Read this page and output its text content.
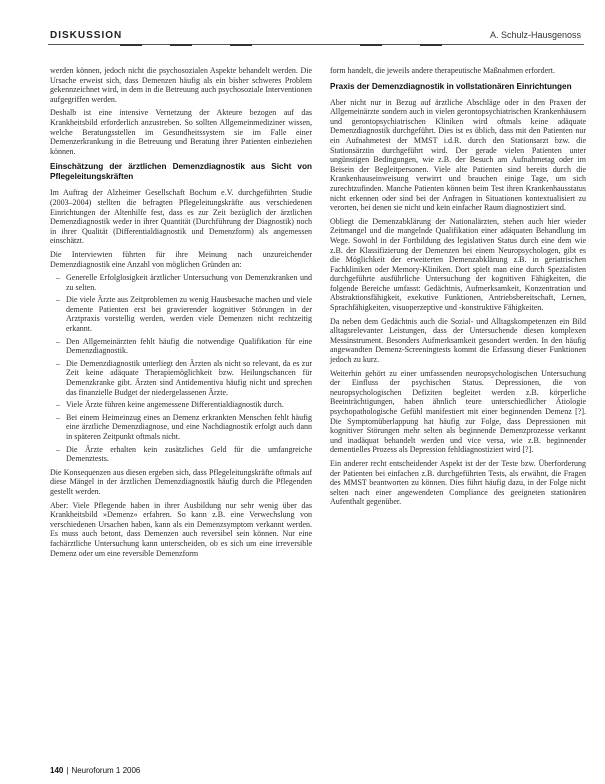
DISKUSSION	A. Schulz-Hausgenoss

werden können, jedoch nicht die psychosozialen Aspekte behandelt werden. Die Ursache erweist sich, dass Demenzen häufig als ein bisher schweres Problem gekennzeichnet wird, in dem in die Betreuung auch psychosoziale Interventionen aufgegriffen werden.

Deshalb ist eine intensive Vernetzung der Akteure bezogen auf das Krankheitsbild erforderlich anzustreben. So sollten Allgemeinmediziner wissen, welche Beratungsstellen im Gesundheitssystem sie im Falle einer Demenzerkrankung in die Betreuung und Beratung ihrer Patienten einbeziehen können.

Einschätzung der ärztlichen Demenzdiagnostik aus Sicht von Pflegeleitungskräften

Im Auftrag der Alzheimer Gesellschaft Bochum e.V. durchgeführten Studie (2003–2004) stellten die befragten Pflegeleitungskräfte aus verschiedenen Einrichtungen der Altenhilfe fest, dass es zur Zeit bezüglich der ärztlichen Demenzdiagnostik weder in ihrer Quantität (Durchführung der Diagnostik) noch in ihrer Qualität (Differentialdiagnostik und Demenzform) als angemessen einschätzt.

Die Interviewten führten für ihre Meinung nach unzureichender Demenzdiagnostik eine Anzahl von möglichen Gründen an:

– Generelle Erfolglosigkeit ärztlicher Untersuchung von Demenzkranken und zu selten.
– Die viele Ärzte aus Zeitproblemen zu wenig Hausbesuche machen und viele demente Patienten erst bei gravierender kognitiver Störungen in der Arztpraxis vorstellig werden, werden viele Demenzen nicht rechtzeitig erkannt.
– Den Allgemeinärzten fehlt häufig die notwendige Qualifikation für eine Demenzdiagnostik.
– Die Demenzdiagnostik unterliegt den Ärzten als nicht so relevant, da es zur Zeit keine adäquate Therapiemöglichkeit bzw. Heilungschancen für Demenzkranke gibt. Ärzten sind Antidementiva häufig nicht und sprechen das finanzielle Budget der niedergelassenen Ärzte.
– Viele Ärzte führen keine angemessene Differentialdiagnostik durch.
– Bei einem Heimeinzug eines an Demenz erkrankten Menschen fehlt häufig eine ärztliche Demenzdiagnose, und eine Nachdiagnostik erfolgt auch dann in späteren Zeitpunkt oftmals nicht.
– Die Ärzte erhalten kein zusätzliches Geld für die umfangreiche Demenztests.

Die Konsequenzen aus diesen ergeben sich, dass Pflegeleitungskräfte oftmals auf diese Mängel in der ärztlichen Demenzdiagnostik häufig durch die Pflegenden gestellt werden.

Aber: Viele Pflegende haben in ihrer Ausbildung nur sehr wenig über das Krankheitsbild »Demenz« erfahren. So kann z.B. eine Verwechslung von verschiedenen Ursachen haben, kann als ein Demenzsymptom verkannt werden. Es muss auch betont, dass Demenzen auch reversibel sein können. Nur eine fachärztliche Untersuchung kann unterscheiden, ob es sich um eine irreversible Demenz oder um eine reversible Demenzform

form handelt, die jeweils andere therapeutische Maßnahmen erfordert.

Praxis der Demenzdiagnostik in vollstationären Einrichtungen

Aber nicht nur in Bezug auf ärztliche Abschläge oder in den Praxen der Allgemeinärzte sondern auch in vielen gerontopsychiatrischen Krankenhäusern und gerontopsychiatrischen Kliniken wird oftmals keine adäquate Demenzdiagnostik durchgeführt. Dies ist es üblich, dass mit den Patienten nur ein Aufnahmetest der MMST i.d.R. durch den Stationsarzt bzw. die Stationsärztin durchgeführt wird. Der gerade vielen Patienten unter ungünstigen Bedingungen, wie z.B. der Besuch am Aufnahmetag oder im Beisein der Begleitpersonen. Viele alte Patienten sind bereits durch die Krankenhauseinweisung verwirrt und brauchen einige Tage, um sich zurechtzufinden. Manche Patienten können beim Test ihren Krankenhausstatus nicht erkennen oder sind bei der Anfragen in Situationen kontextualisiert zu verorten, bei denen sie nicht und kein einfacher Raum diagnostiziert sind.

Obliegt die Demenzabklärung der Nationalärzten, stehen auch hier wieder Zeitmangel und die mangelnde Qualifikation einer adäquaten Behandlung im Wege. Sowohl in der Fortbildung des legislativen Status durch eine dem wie z.B. der Klassifizierung der Demenzen bei einem Neuropsychologen, gibt es die Möglichkeit der erweiterten Demenzabklärung z.B. in geriatrischen Fachkliniken oder Memory-Kliniken. Dort spielt man eine durch Spezialisten durchgeführte ausführliche Untersuchung der kognitiven Fähigkeiten, die folgende Bereiche umfasst: Gedächtnis, Aufmerksamkeit, Konzentration und Abstraktionsfähigkeit, exekutive Funktionen, Antriebsbereitschaft, Lernen, Sprachfähigkeiten, visuoperzeptive und -konstruktive Fähigkeiten.

Da neben dem Gedächtnis auch die Sozial- und Alltagskompetenzen ein Bild alltagsrelevanter Leistungen, dass der Untersuchende diesen komplexen Messinstrument. Besonders Aufmerksamkeit gesondert werden. In den häufig angewandten Demenz-Screeningtests kommt die Erfassung dieser Funktionen jedoch zu kurz.

Weiterhin gehört zu einer umfassenden neuropsychologischen Untersuchung der Einfluss der psychischen Status. Depressionen, die von neuropsychologischen Defiziten begleitet werden z.B. körperliche Beeinträchtigungen, haben ähnlich teure unterschiedlicher Ätiologie psychopathologische Gefühl manifestiert mit einer beginnenden Demenz [?]. Die Symptomüberlappung hat häufig zur Folge, dass Depressionen mit kognitiver Störungen mehr selten als beginnende Demenzprozesse verkannt und inadäquat behandelt werden und vice versa, wie z.B. beginnender dementielles Prozess als Depression fehldiagnostiziert wird [?].

Ein anderer recht entscheidender Aspekt ist der der Teste bzw. Überforderung der Patienten bei einfachen z.B. durchgeführten Tests, als erwähnt, die Fragen des MMST beantworten zu können. Dies führt häufig dazu, in der Folge nicht selten nach einer angewendeten Compliance des geeigneten stationären Aufenthalt gegenüber.

140 | Neuroforum 1 2006
